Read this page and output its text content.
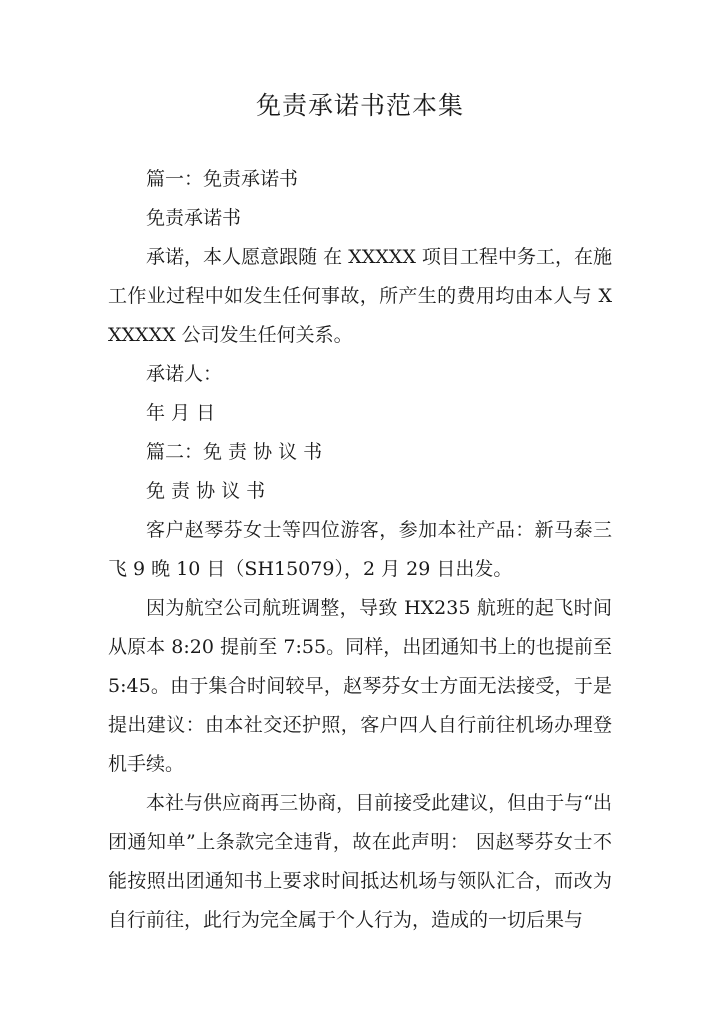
免责承诺书范本集

篇一：免责承诺书

免责承诺书

承诺，本人愿意跟随 在 XXXXX 项目工程中务工，在施工作业过程中如发生任何事故，所产生的费用均由本人与 XXXXXX 公司发生任何关系。

承诺人：

年 月 日

篇二：免 责 协 议 书

免 责 协 议 书

客户赵琴芬女士等四位游客，参加本社产品：新马泰三飞 9 晚 10 日（SH15079），2 月 29 日出发。

因为航空公司航班调整，导致 HX235 航班的起飞时间从原本 8:20 提前至 7:55。同样，出团通知书上的也提前至 5:45。由于集合时间较早，赵琴芬女士方面无法接受，于是提出建议：由本社交还护照，客户四人自行前往机场办理登机手续。

本社与供应商再三协商，目前接受此建议，但由于与“出团通知单”上条款完全违背，故在此声明： 因赵琴芬女士不能按照出团通知书上要求时间抵达机场与领队汇合，而改为自行前往，此行为完全属于个人行为，造成的一切后果与
